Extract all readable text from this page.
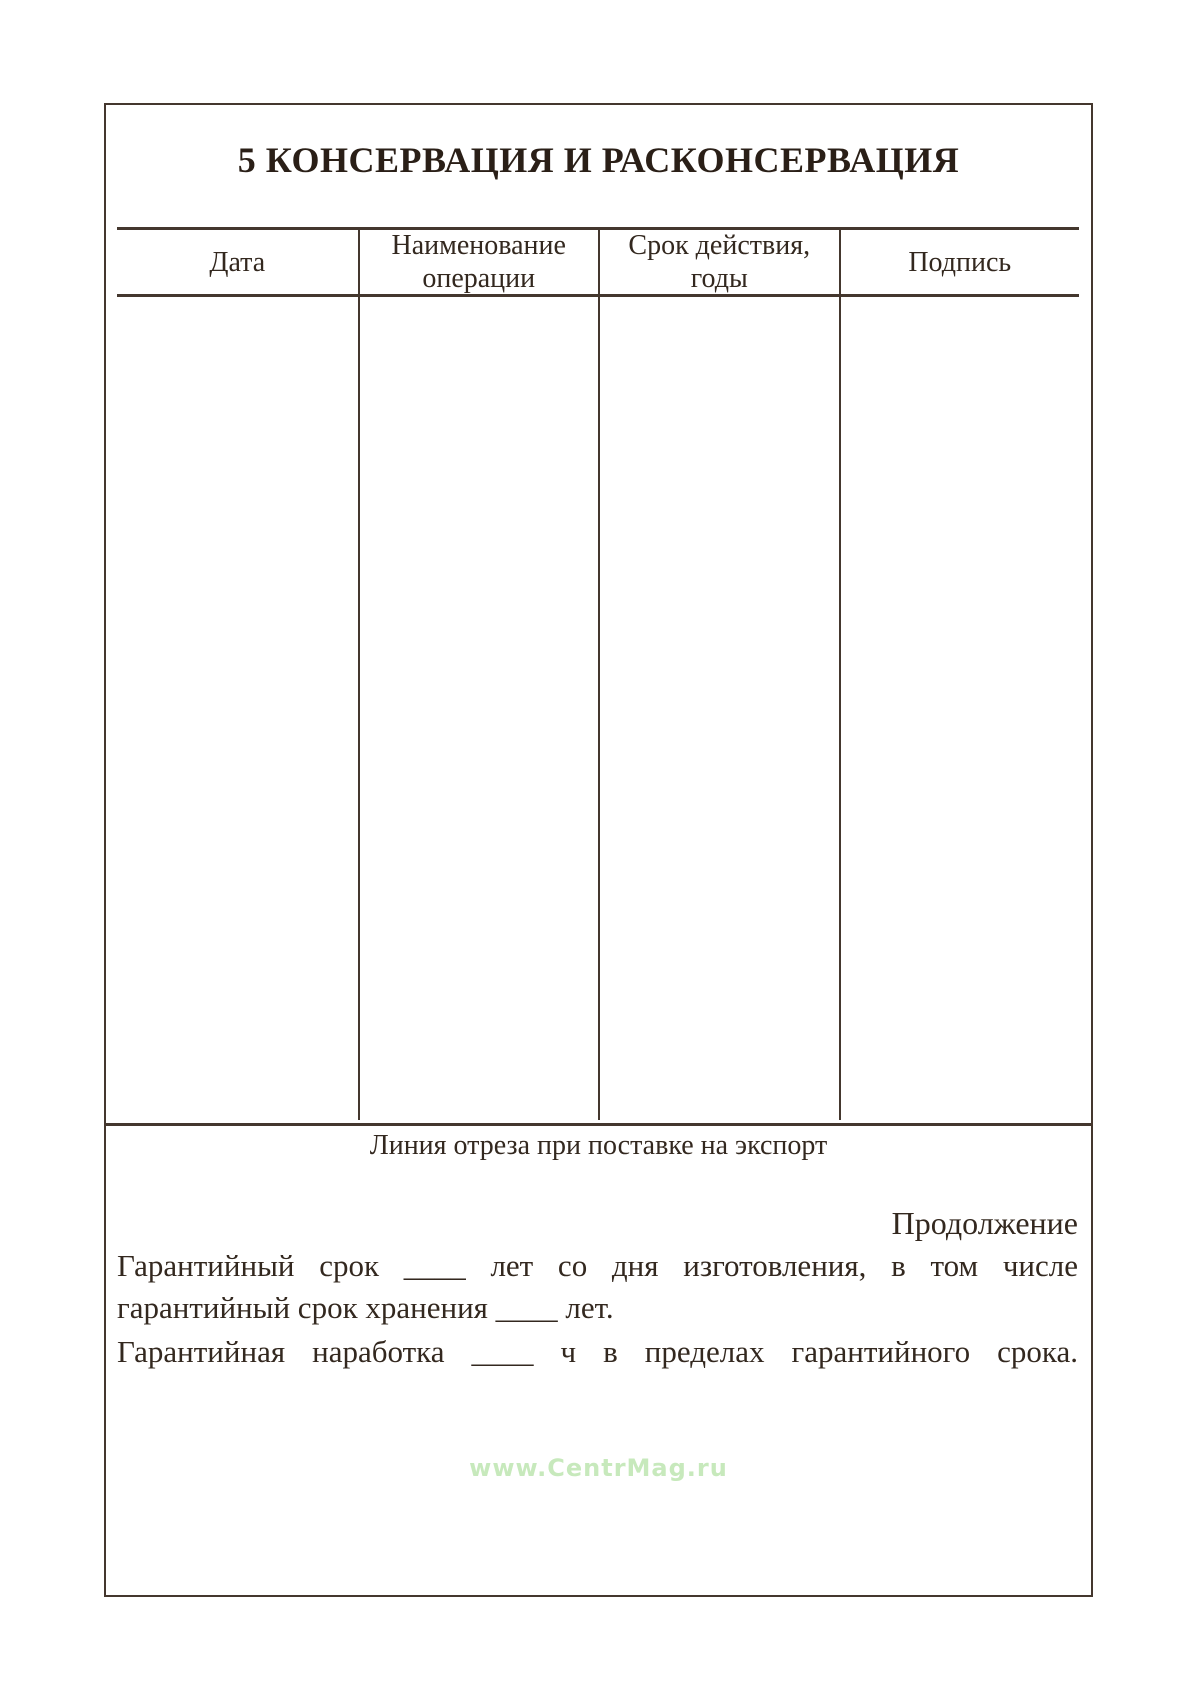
5 КОНСЕРВАЦИЯ И РАСКОНСЕРВАЦИЯ
Дата
Наименование операции
Срок действия, годы
Подпись
Линия отреза при поставке на экспорт
Продолжение

Гарантийный срок ____ лет со дня изготовления, в том числе гарантийный срок хранения ____ лет.

Гарантийная наработка ____ ч в пределах гарантийного срока.

www.CentrMag.ru
